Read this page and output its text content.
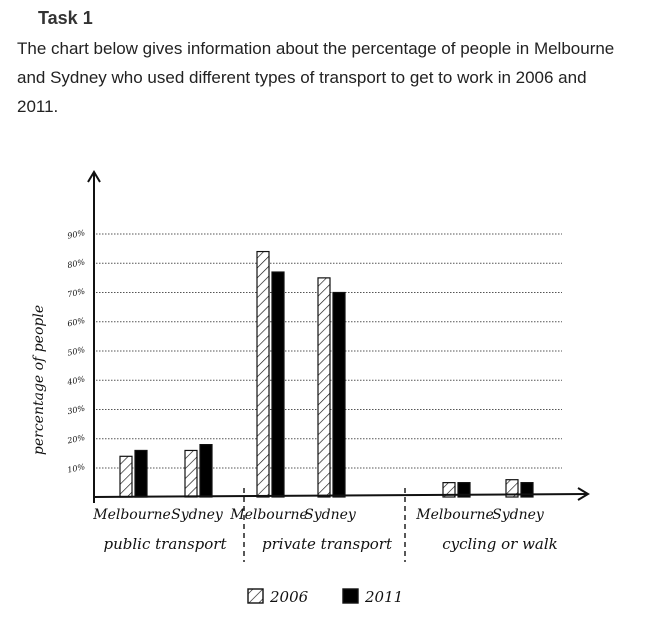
Task 1

The chart below gives information about the percentage of people in Melbourne and Sydney who used different types of transport to get to work in 2006 and 2011.

10%
20%
30%
40%
50%
60%
70%
80%
90%
percentage of people
Melbourne Sydney
public transport
Melbourne
Sydney
private transport
Melbourne
Sydney
cycling or walk
2006	2011
